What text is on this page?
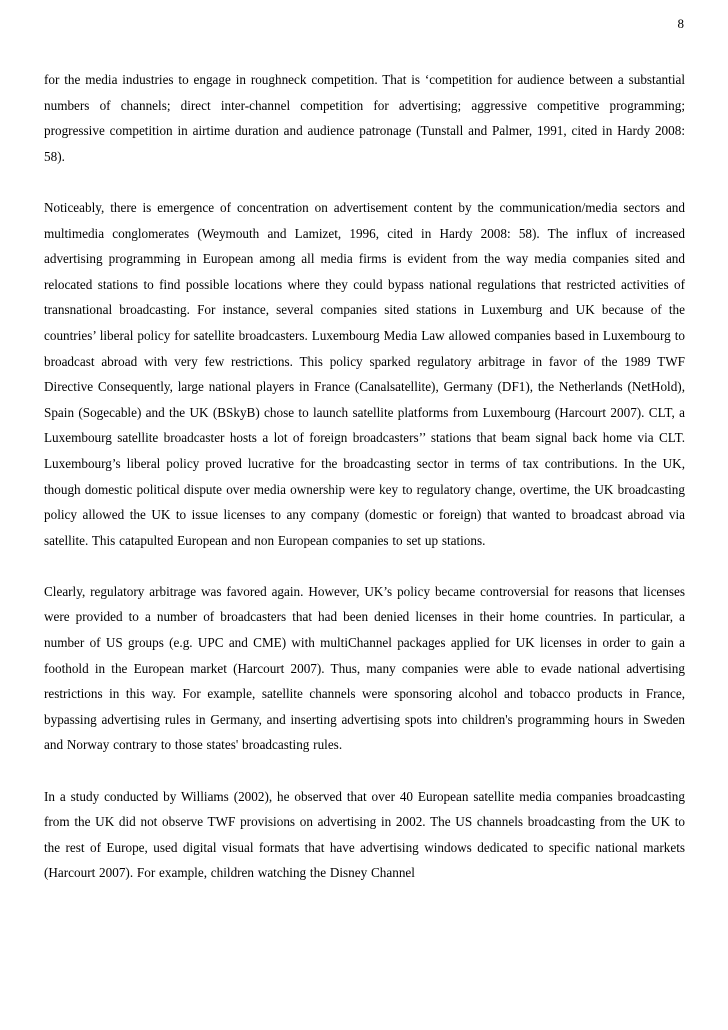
8

for the media industries to engage in roughneck competition. That is ‘competition for audience between a substantial numbers of channels; direct inter-channel competition for advertising; aggressive competitive programming; progressive competition in airtime duration and audience patronage (Tunstall and Palmer, 1991, cited in Hardy 2008: 58).

Noticeably, there is emergence of concentration on advertisement content by the communication/media sectors and multimedia conglomerates (Weymouth and Lamizet, 1996, cited in Hardy 2008: 58). The influx of increased advertising programming in European among all media firms is evident from the way media companies sited and relocated stations to find possible locations where they could bypass national regulations that restricted activities of transnational broadcasting. For instance, several companies sited stations in Luxemburg and UK because of the countries’ liberal policy for satellite broadcasters. Luxembourg Media Law allowed companies based in Luxembourg to broadcast abroad with very few restrictions. This policy sparked regulatory arbitrage in favor of the 1989 TWF Directive Consequently, large national players in France (Canalsatellite), Germany (DF1), the Netherlands (NetHold), Spain (Sogecable) and the UK (BSkyB) chose to launch satellite platforms from Luxembourg (Harcourt 2007). CLT, a Luxembourg satellite broadcaster hosts a lot of foreign broadcasters’’ stations that beam signal back home via CLT. Luxembourg’s liberal policy proved lucrative for the broadcasting sector in terms of tax contributions. In the UK, though domestic political dispute over media ownership were key to regulatory change, overtime, the UK broadcasting policy allowed the UK to issue licenses to any company (domestic or foreign) that wanted to broadcast abroad via satellite. This catapulted European and non European companies to set up stations.

Clearly, regulatory arbitrage was favored again. However, UK’s policy became controversial for reasons that licenses were provided to a number of broadcasters that had been denied licenses in their home countries. In particular, a number of US groups (e.g. UPC and CME) with multiChannel packages applied for UK licenses in order to gain a foothold in the European market (Harcourt 2007). Thus, many companies were able to evade national advertising restrictions in this way. For example, satellite channels were sponsoring alcohol and tobacco products in France, bypassing advertising rules in Germany, and inserting advertising spots into children's programming hours in Sweden and Norway contrary to those states' broadcasting rules.

In a study conducted by Williams (2002), he observed that over 40 European satellite media companies broadcasting from the UK did not observe TWF provisions on advertising in 2002. The US channels broadcasting from the UK to the rest of Europe, used digital visual formats that have advertising windows dedicated to specific national markets (Harcourt 2007). For example, children watching the Disney Channel
